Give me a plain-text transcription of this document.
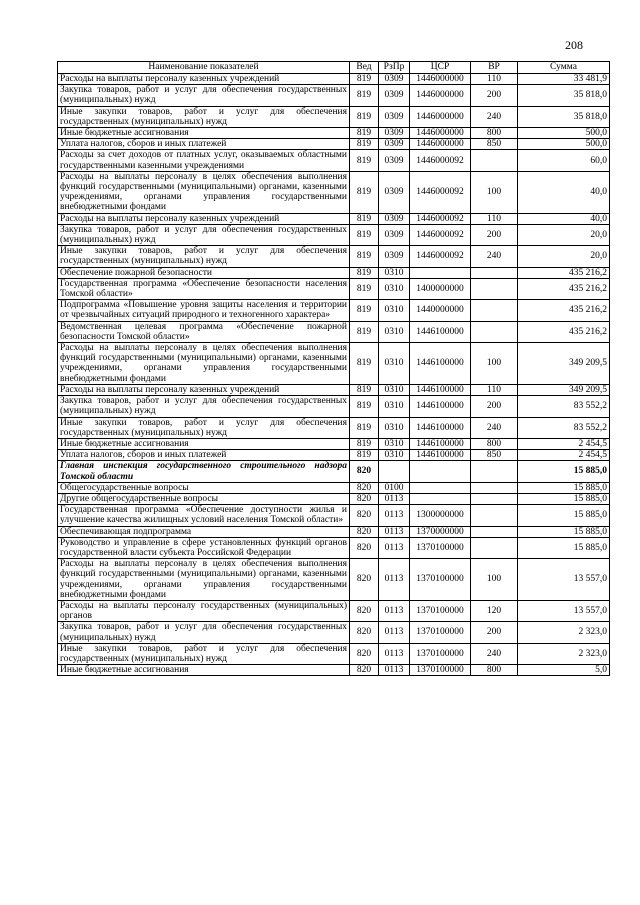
208
Наименование показателей	Вед	РзПр	ЦСР	ВР	Сумма
Расходы на выплаты персоналу казенных учреждений	819	0309	1446000000	110	33 481,9
Закупка товаров, работ и услуг для обеспечения государственных (муниципальных) нужд	819	0309	1446000000	200	35 818,0
Иные закупки товаров, работ и услуг для обеспечения государственных (муниципальных) нужд	819	0309	1446000000	240	35 818,0
Иные бюджетные ассигнования	819	0309	1446000000	800	500,0
Уплата налогов, сборов и иных платежей	819	0309	1446000000	850	500,0
Расходы за счет доходов от платных услуг, оказываемых областными государственными казенными учреждениями	819	0309	1446000092		60,0
Расходы на выплаты персоналу в целях обеспечения выполнения функций государственными (муниципальными) органами, казенными учреждениями, органами управления государственными внебюджетными фондами	819	0309	1446000092	100	40,0
Расходы на выплаты персоналу казенных учреждений	819	0309	1446000092	110	40,0
Закупка товаров, работ и услуг для обеспечения государственных (муниципальных) нужд	819	0309	1446000092	200	20,0
Иные закупки товаров, работ и услуг для обеспечения государственных (муниципальных) нужд	819	0309	1446000092	240	20,0
Обеспечение пожарной безопасности	819	0310			435 216,2
Государственная программа «Обеспечение безопасности населения Томской области»	819	0310	1400000000		435 216,2
Подпрограмма «Повышение уровня защиты населения и территории от чрезвычайных ситуаций природного и техногенного характера»	819	0310	1440000000		435 216,2
Ведомственная целевая программа «Обеспечение пожарной безопасности Томской области»	819	0310	1446100000		435 216,2
Расходы на выплаты персоналу в целях обеспечения выполнения функций государственными (муниципальными) органами, казенными учреждениями, органами управления государственными внебюджетными фондами	819	0310	1446100000	100	349 209,5
Расходы на выплаты персоналу казенных учреждений	819	0310	1446100000	110	349 209,5
Закупка товаров, работ и услуг для обеспечения государственных (муниципальных) нужд	819	0310	1446100000	200	83 552,2
Иные закупки товаров, работ и услуг для обеспечения государственных (муниципальных) нужд	819	0310	1446100000	240	83 552,2
Иные бюджетные ассигнования	819	0310	1446100000	800	2 454,5
Уплата налогов, сборов и иных платежей	819	0310	1446100000	850	2 454,5
Главная инспекция государственного строительного надзора Томской области	820				15 885,0
Общегосударственные вопросы	820	0100			15 885,0
Другие общегосударственные вопросы	820	0113			15 885,0
Государственная программа «Обеспечение доступности жилья и улучшение качества жилищных условий населения Томской области»	820	0113	1300000000		15 885,0
Обеспечивающая подпрограмма	820	0113	1370000000		15 885,0
Руководство и управление в сфере установленных функций органов государственной власти субъекта Российской Федерации	820	0113	1370100000		15 885,0
Расходы на выплаты персоналу в целях обеспечения выполнения функций государственными (муниципальными) органами, казенными учреждениями, органами управления государственными внебюджетными фондами	820	0113	1370100000	100	13 557,0
Расходы на выплаты персоналу государственных (муниципальных) органов	820	0113	1370100000	120	13 557,0
Закупка товаров, работ и услуг для обеспечения государственных (муниципальных) нужд	820	0113	1370100000	200	2 323,0
Иные закупки товаров, работ и услуг для обеспечения государственных (муниципальных) нужд	820	0113	1370100000	240	2 323,0
Иные бюджетные ассигнования	820	0113	1370100000	800	5,0
